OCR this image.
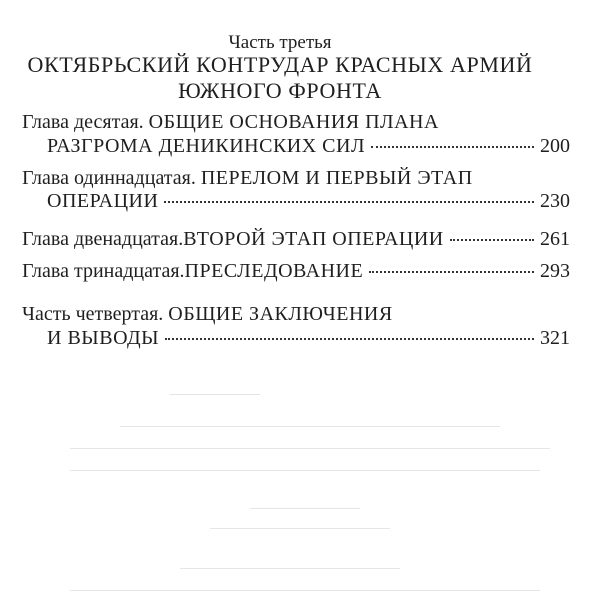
Часть третья
ОКТЯБРЬСКИЙ КОНТРУДАР КРАСНЫХ АРМИЙ
ЮЖНОГО ФРОНТА
Глава десятая. ОБЩИЕ ОСНОВАНИЯ ПЛАНА
РАЗГРОМА ДЕНИКИНСКИХ СИЛ	200
Глава одиннадцатая. ПЕРЕЛОМ И ПЕРВЫЙ ЭТАП
ОПЕРАЦИИ	230
Глава двенадцатая. ВТОРОЙ ЭТАП ОПЕРАЦИИ	261
Глава тринадцатая. ПРЕСЛЕДОВАНИЕ	293
Часть четвертая. ОБЩИЕ ЗАКЛЮЧЕНИЯ
И ВЫВОДЫ	321
